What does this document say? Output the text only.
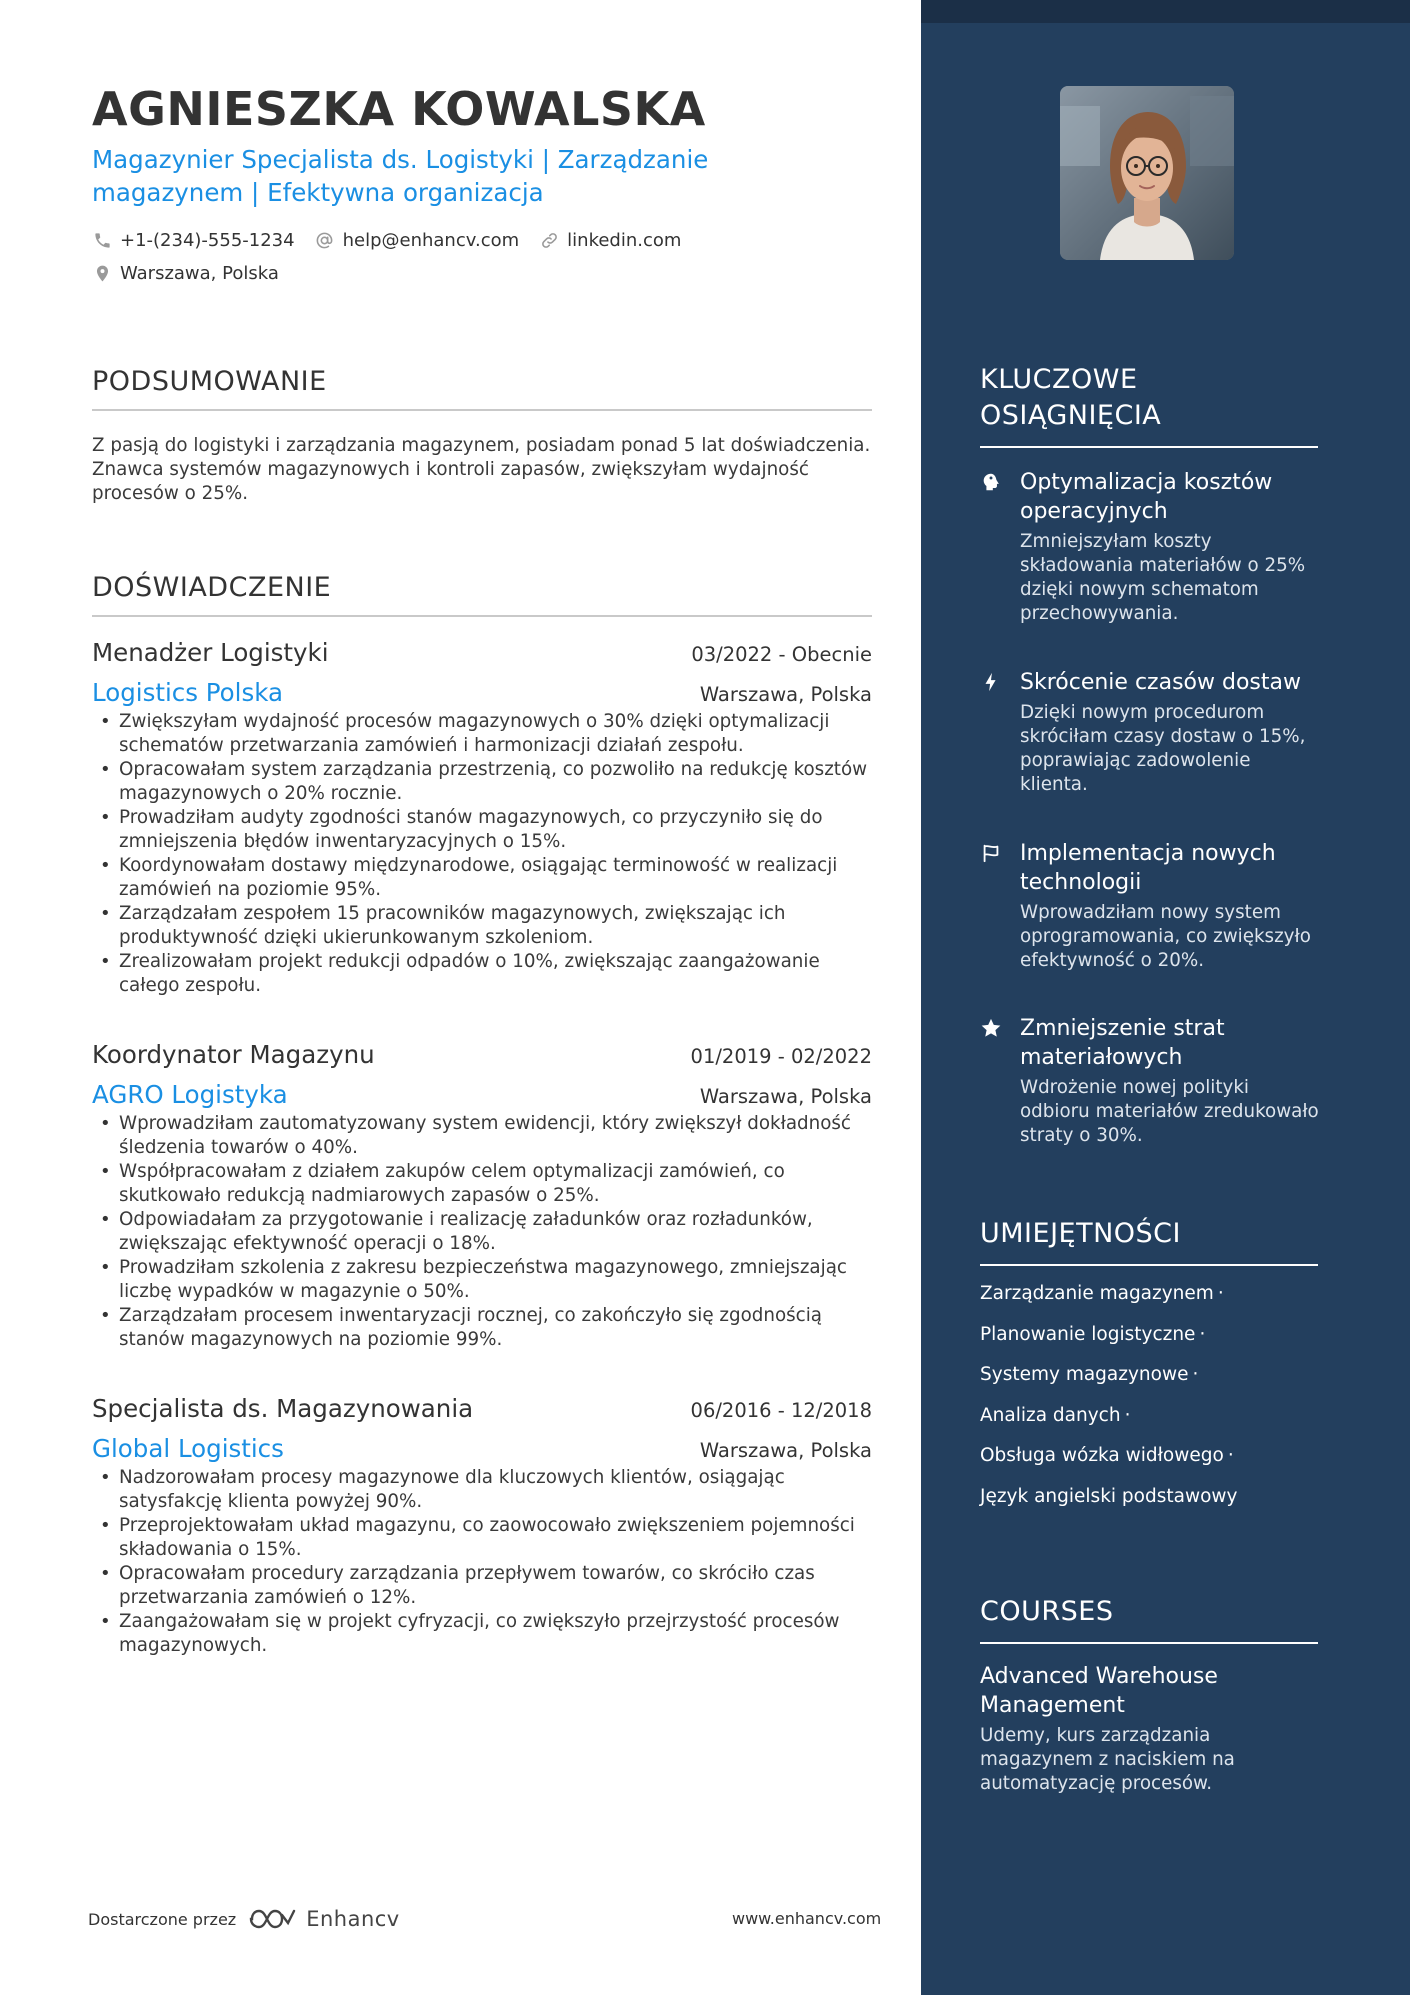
AGNIESZKA KOWALSKA
Magazynier Specjalista ds. Logistyki | Zarządzanie magazynem | Efektywna organizacja
+1-(234)-555-1234	help@enhancv.com	linkedin.com
Warszawa, Polska
PODSUMOWANIE
Z pasją do logistyki i zarządzania magazynem, posiadam ponad 5 lat doświadczenia. Znawca systemów magazynowych i kontroli zapasów, zwiększyłam wydajność procesów o 25%.
DOŚWIADCZENIE
Menadżer Logistyki	03/2022 - Obecnie
Logistics Polska	Warszawa, Polska
• Zwiększyłam wydajność procesów magazynowych o 30% dzięki optymalizacji schematów przetwarzania zamówień i harmonizacji działań zespołu.
• Opracowałam system zarządzania przestrzenią, co pozwoliło na redukcję kosztów magazynowych o 20% rocznie.
• Prowadziłam audyty zgodności stanów magazynowych, co przyczyniło się do zmniejszenia błędów inwentaryzacyjnych o 15%.
• Koordynowałam dostawy międzynarodowe, osiągając terminowość w realizacji zamówień na poziomie 95%.
• Zarządzałam zespołem 15 pracowników magazynowych, zwiększając ich produktywność dzięki ukierunkowanym szkoleniom.
• Zrealizowałam projekt redukcji odpadów o 10%, zwiększając zaangażowanie całego zespołu.
Koordynator Magazynu	01/2019 - 02/2022
AGRO Logistyka	Warszawa, Polska
• Wprowadziłam zautomatyzowany system ewidencji, który zwiększył dokładność śledzenia towarów o 40%.
• Współpracowałam z działem zakupów celem optymalizacji zamówień, co skutkowało redukcją nadmiarowych zapasów o 25%.
• Odpowiadałam za przygotowanie i realizację załadunków oraz rozładunków, zwiększając efektywność operacji o 18%.
• Prowadziłam szkolenia z zakresu bezpieczeństwa magazynowego, zmniejszając liczbę wypadków w magazynie o 50%.
• Zarządzałam procesem inwentaryzacji rocznej, co zakończyło się zgodnością stanów magazynowych na poziomie 99%.
Specjalista ds. Magazynowania	06/2016 - 12/2018
Global Logistics	Warszawa, Polska
• Nadzorowałam procesy magazynowe dla kluczowych klientów, osiągając satysfakcję klienta powyżej 90%.
• Przeprojektowałam układ magazynu, co zaowocowało zwiększeniem pojemności składowania o 15%.
• Opracowałam procedury zarządzania przepływem towarów, co skróciło czas przetwarzania zamówień o 12%.
• Zaangażowałam się w projekt cyfryzacji, co zwiększyło przejrzystość procesów magazynowych.
Dostarczone przez	Enhancv	www.enhancv.com
KLUCZOWE OSIĄGNIĘCIA
Optymalizacja kosztów operacyjnych
Zmniejszyłam koszty składowania materiałów o 25% dzięki nowym schematom przechowywania.
Skrócenie czasów dostaw
Dzięki nowym procedurom skróciłam czasy dostaw o 15%, poprawiając zadowolenie klienta.
Implementacja nowych technologii
Wprowadziłam nowy system oprogramowania, co zwiększyło efektywność o 20%.
Zmniejszenie strat materiałowych
Wdrożenie nowej polityki odbioru materiałów zredukowało straty o 30%.
UMIEJĘTNOŚCI
Zarządzanie magazynem ·
Planowanie logistyczne ·
Systemy magazynowe ·
Analiza danych ·
Obsługa wózka widłowego ·
Język angielski podstawowy
COURSES
Advanced Warehouse Management
Udemy, kurs zarządzania magazynem z naciskiem na automatyzację procesów.
